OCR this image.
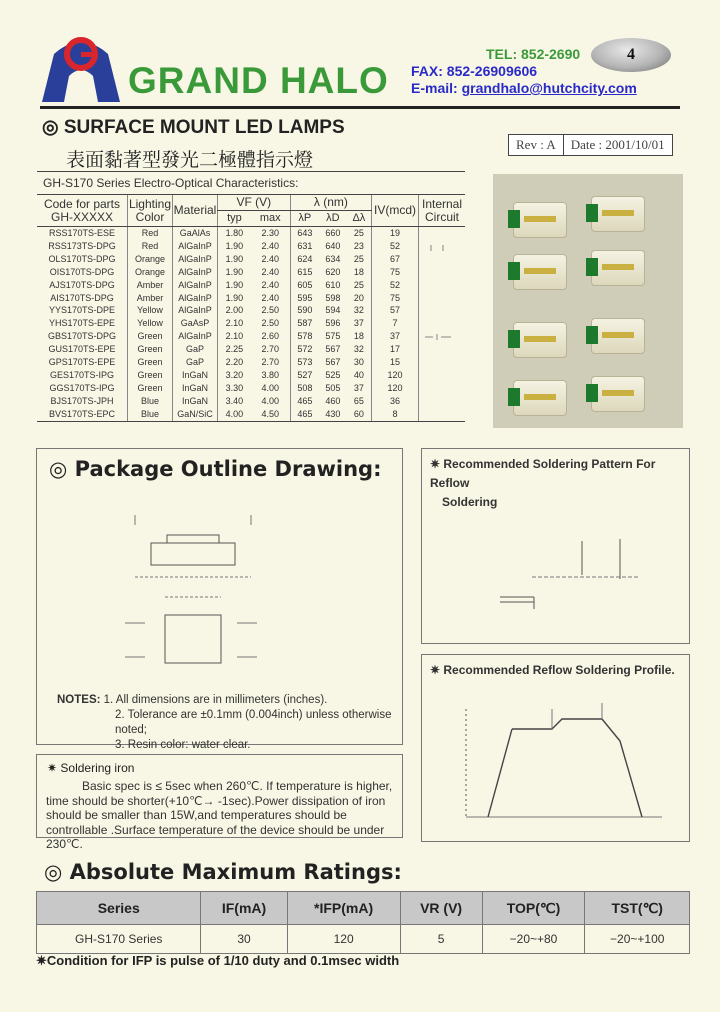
GRAND HALO
TEL: 852-2690
FAX: 852-26909606
E-mail: grandhalo@hutchcity.com
4
◎ SURFACE MOUNT LED LAMPS
表面黏著型發光二極體指示燈
Rev : A	Date : 2001/10/01
GH-S170 Series Electro-Optical Characteristics:
Code for parts GH-XXXXX	Lighting Color	Material	VF (V)		λ (nm)			IV(mcd)	Internal Circuit
			typ	max	λP	λD	Δλ		
RSS170TS-ESE	Red	GaAlAs	1.80	2.30	643	660	25	19	
RSS173TS-DPG	Red	AlGaInP	1.90	2.40	631	640	23	52	
OLS170TS-DPG	Orange	AlGaInP	1.90	2.40	624	634	25	67	
OIS170TS-DPG	Orange	AlGaInP	1.90	2.40	615	620	18	75	
AJS170TS-DPG	Amber	AlGaInP	1.90	2.40	605	610	25	52	
AIS170TS-DPG	Amber	AlGaInP	1.90	2.40	595	598	20	75	
YYS170TS-DPE	Yellow	AlGaInP	2.00	2.50	590	594	32	57	
YHS170TS-EPE	Yellow	GaAsP	2.10	2.50	587	596	37	7	
GBS170TS-DPG	Green	AlGaInP	2.10	2.60	578	575	18	37	
GUS170TS-EPE	Green	GaP	2.25	2.70	572	567	32	17	
GPS170TS-EPE	Green	GaP	2.20	2.70	573	567	30	15	
GES170TS-IPG	Green	InGaN	3.20	3.80	527	525	40	120	
GGS170TS-IPG	Green	InGaN	3.30	4.00	508	505	37	120	
BJS170TS-JPH	Blue	InGaN	3.40	4.00	465	460	65	36	
BVS170TS-EPC	Blue	GaN/SiC	4.00	4.50	465	430	60	8	
◎ Package Outline Drawing:
NOTES: 1. All dimensions are in millimeters (inches).
2. Tolerance are ±0.1mm (0.004inch) unless otherwise noted;
3. Resin color: water clear.
✷ Soldering iron
Basic spec is ≤ 5sec when 260℃. If temperature is higher, time should be shorter(+10℃→ -1sec).Power dissipation of iron should be smaller than 15W,and temperatures should be controllable .Surface temperature of the device should be under 230℃.
✷ Recommended Soldering Pattern For Reflow
Soldering
✷ Recommended Reflow Soldering Profile.
◎ Absolute Maximum Ratings:
Series	IF(mA)	*IFP(mA)	VR (V)	TOP(℃)	TST(℃)
GH-S170 Series	30	120	5	−20~+80	−20~+100
✷Condition for IFP is pulse of 1/10 duty and 0.1msec width
